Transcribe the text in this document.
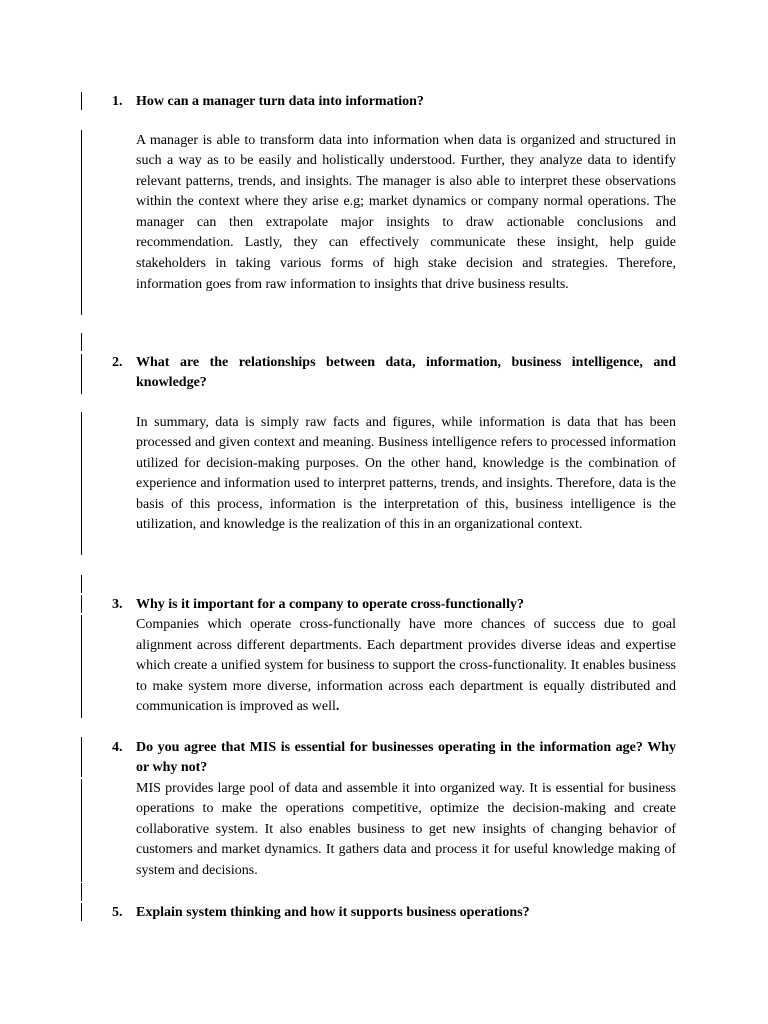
1. How can a manager turn data into information?

A manager is able to transform data into information when data is organized and structured in such a way as to be easily and holistically understood. Further, they analyze data to identify relevant patterns, trends, and insights. The manager is also able to interpret these observations within the context where they arise e.g; market dynamics or company normal operations. The manager can then extrapolate major insights to draw actionable conclusions and recommendation. Lastly, they can effectively communicate these insight, help guide stakeholders in taking various forms of high stake decision and strategies. Therefore, information goes from raw information to insights that drive business results.

2. What are the relationships between data, information, business intelligence, and knowledge?

In summary, data is simply raw facts and figures, while information is data that has been processed and given context and meaning. Business intelligence refers to processed information utilized for decision-making purposes. On the other hand, knowledge is the combination of experience and information used to interpret patterns, trends, and insights. Therefore, data is the basis of this process, information is the interpretation of this, business intelligence is the utilization, and knowledge is the realization of this in an organizational context.

3. Why is it important for a company to operate cross-functionally?

Companies which operate cross-functionally have more chances of success due to goal alignment across different departments. Each department provides diverse ideas and expertise which create a unified system for business to support the cross-functionality. It enables business to make system more diverse, information across each department is equally distributed and communication is improved as well.

4. Do you agree that MIS is essential for businesses operating in the information age? Why or why not?

MIS provides large pool of data and assemble it into organized way. It is essential for business operations to make the operations competitive, optimize the decision-making and create collaborative system. It also enables business to get new insights of changing behavior of customers and market dynamics. It gathers data and process it for useful knowledge making of system and decisions.

5. Explain system thinking and how it supports business operations?
